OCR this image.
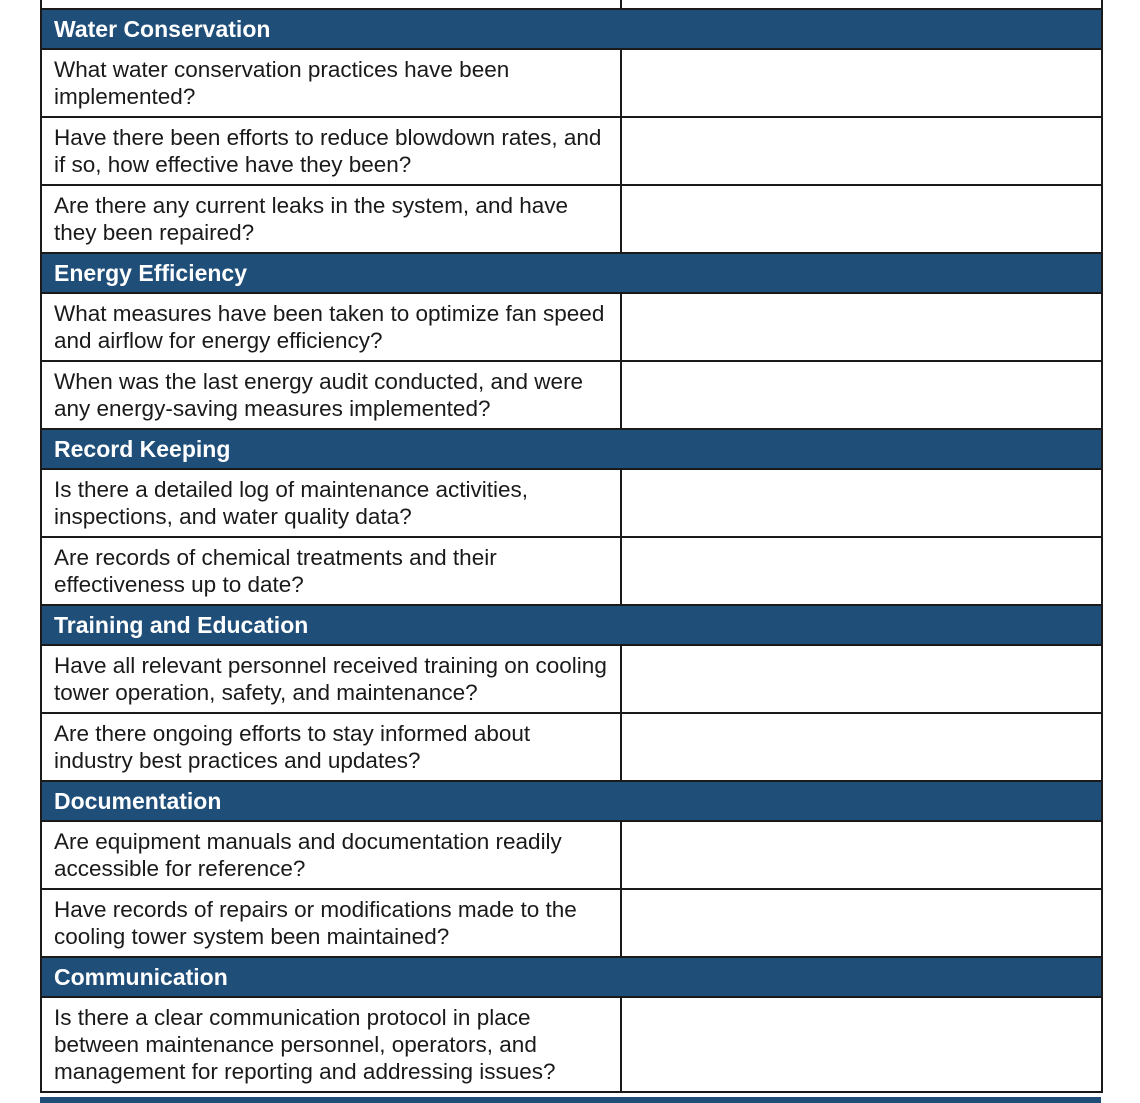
Water Conservation	
What water conservation practices have been implemented?	
Have there been efforts to reduce blowdown rates, and if so, how effective have they been?	
Are there any current leaks in the system, and have they been repaired?	
Energy Efficiency	
What measures have been taken to optimize fan speed and airflow for energy efficiency?	
When was the last energy audit conducted, and were any energy-saving measures implemented?	
Record Keeping	
Is there a detailed log of maintenance activities, inspections, and water quality data?	
Are records of chemical treatments and their effectiveness up to date?	
Training and Education	
Have all relevant personnel received training on cooling tower operation, safety, and maintenance?	
Are there ongoing efforts to stay informed about industry best practices and updates?	
Documentation	
Are equipment manuals and documentation readily accessible for reference?	
Have records of repairs or modifications made to the cooling tower system been maintained?	
Communication	
Is there a clear communication protocol in place between maintenance personnel, operators, and management for reporting and addressing issues?	
